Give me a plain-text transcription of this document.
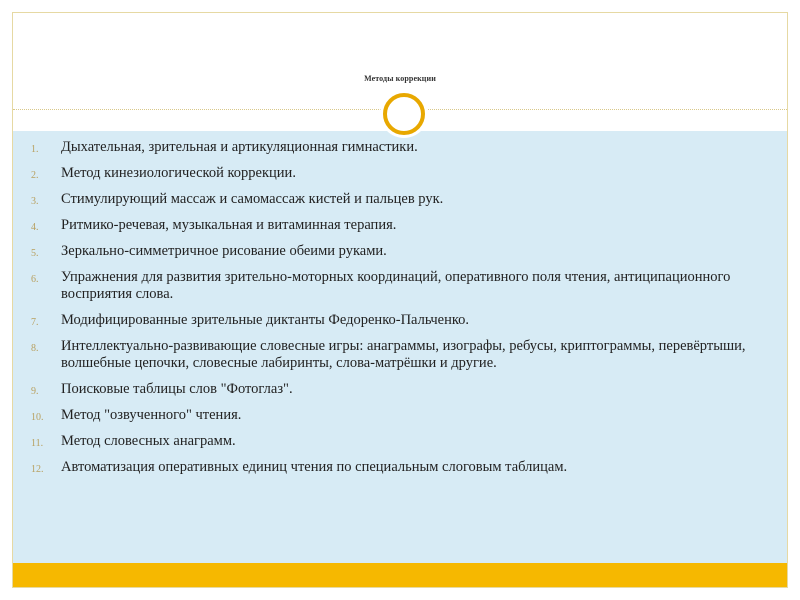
Методы коррекции
1.	Дыхательная, зрительная и артикуляционная гимнастики.
2.	Метод кинезиологической коррекции.
3.	Стимулирующий массаж и самомассаж кистей и пальцев рук.
4.	Ритмико-речевая, музыкальная и витаминная терапия.
5.	Зеркально-симметричное рисование обеими руками.
6.	Упражнения для развития зрительно-моторных координаций, оперативного поля чтения, антиципационного восприятия слова.
7.	Модифицированные зрительные диктанты Федоренко-Пальченко.
8.	Интеллектуально-развивающие словесные игры: анаграммы, изографы, ребусы, криптограммы, перевёртыши, волшебные цепочки, словесные лабиринты, слова-матрёшки и другие.
9.	Поисковые таблицы слов "Фотоглаз".
10.	Метод "озвученного" чтения.
11.	Метод словесных анаграмм.
12.	Автоматизация оперативных единиц чтения по специальным слоговым таблицам.
